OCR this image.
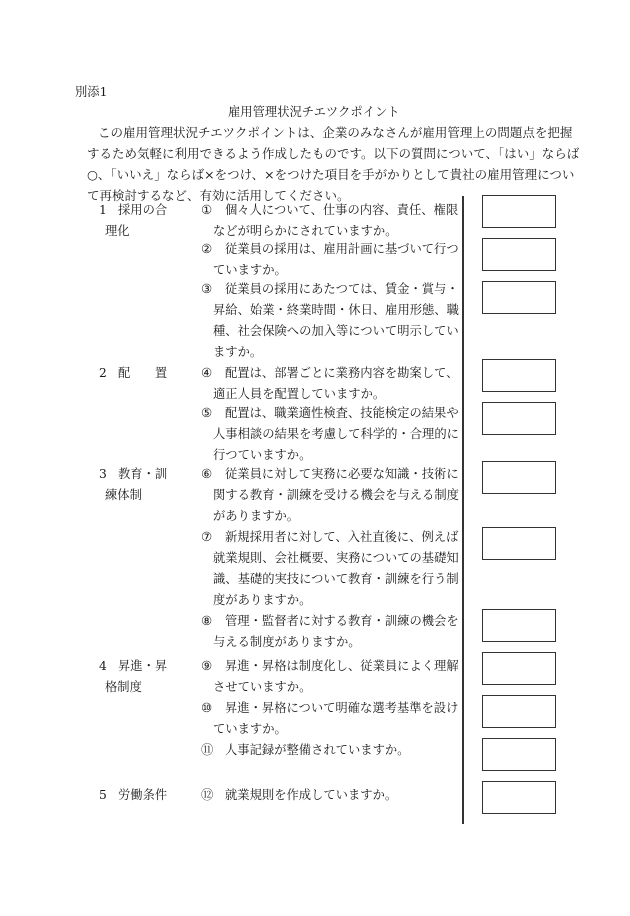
別添1
雇用管理状況チエツクポイント
この雇用管理状況チエツクポイントは、企業のみなさんが雇用管理上の問題点を把握
するため気軽に利用できるよう作成したものです。以下の質問について、「はい」ならば
○、「いいえ」ならば×をつけ、×をつけた項目を手がかりとして貴社の雇用管理につい
て再検討するなど、有効に活用してください。
1 採用の合
理化
2 配　　置
3 教育・訓
練体制
4 昇進・昇
格制度
5 労働条件
① 個々人について、仕事の内容、責任、権限
などが明らかにされていますか。
② 従業員の採用は、雇用計画に基づいて行つ
ていますか。
③ 従業員の採用にあたつては、賃金・賞与・
昇給、始業・終業時間・休日、雇用形態、職
種、社会保険への加入等について明示してい
ますか。
④ 配置は、部署ごとに業務内容を勘案して、
適正人員を配置していますか。
⑤ 配置は、職業適性検査、技能検定の結果や
人事相談の結果を考慮して科学的・合理的に
行つていますか。
⑥ 従業員に対して実務に必要な知識・技術に
関する教育・訓練を受ける機会を与える制度
がありますか。
⑦ 新規採用者に対して、入社直後に、例えば
就業規則、会社概要、実務についての基礎知
識、基礎的実技について教育・訓練を行う制
度がありますか。
⑧ 管理・監督者に対する教育・訓練の機会を
与える制度がありますか。
⑨ 昇進・昇格は制度化し、従業員によく理解
させていますか。
⑩ 昇進・昇格について明確な選考基準を設け
ていますか。
⑪ 人事記録が整備されていますか。
⑫ 就業規則を作成していますか。
